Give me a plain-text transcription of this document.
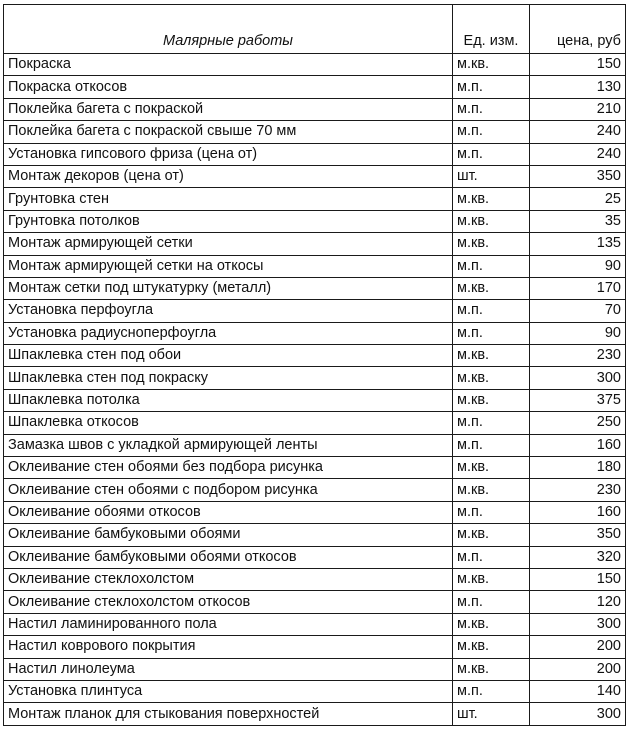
Малярные работы	Ед. изм.	цена, руб
Покраска	м.кв.	150
Покраска откосов	м.п.	130
Поклейка багета с покраской	м.п.	210
Поклейка багета с покраской свыше 70 мм	м.п.	240
Установка гипсового фриза (цена от)	м.п.	240
Монтаж декоров (цена от)	шт.	350
Грунтовка стен	м.кв.	25
Грунтовка потолков	м.кв.	35
Монтаж армирующей сетки	м.кв.	135
Монтаж армирующей сетки на откосы	м.п.	90
Монтаж сетки под штукатурку (металл)	м.кв.	170
Установка перфоугла	м.п.	70
Установка радиусноперфоугла	м.п.	90
Шпаклевка стен под обои	м.кв.	230
Шпаклевка стен под покраску	м.кв.	300
Шпаклевка потолка	м.кв.	375
Шпаклевка откосов	м.п.	250
Замазка швов с укладкой армирующей ленты	м.п.	160
Оклеивание стен обоями без подбора рисунка	м.кв.	180
Оклеивание стен обоями с подбором рисунка	м.кв.	230
Оклеивание обоями откосов	м.п.	160
Оклеивание бамбуковыми обоями	м.кв.	350
Оклеивание бамбуковыми обоями откосов	м.п.	320
Оклеивание стеклохолстом	м.кв.	150
Оклеивание стеклохолстом откосов	м.п.	120
Настил ламинированного пола	м.кв.	300
Настил коврового покрытия	м.кв.	200
Настил линолеума	м.кв.	200
Установка плинтуса	м.п.	140
Монтаж планок для стыкования поверхностей	шт.	300
